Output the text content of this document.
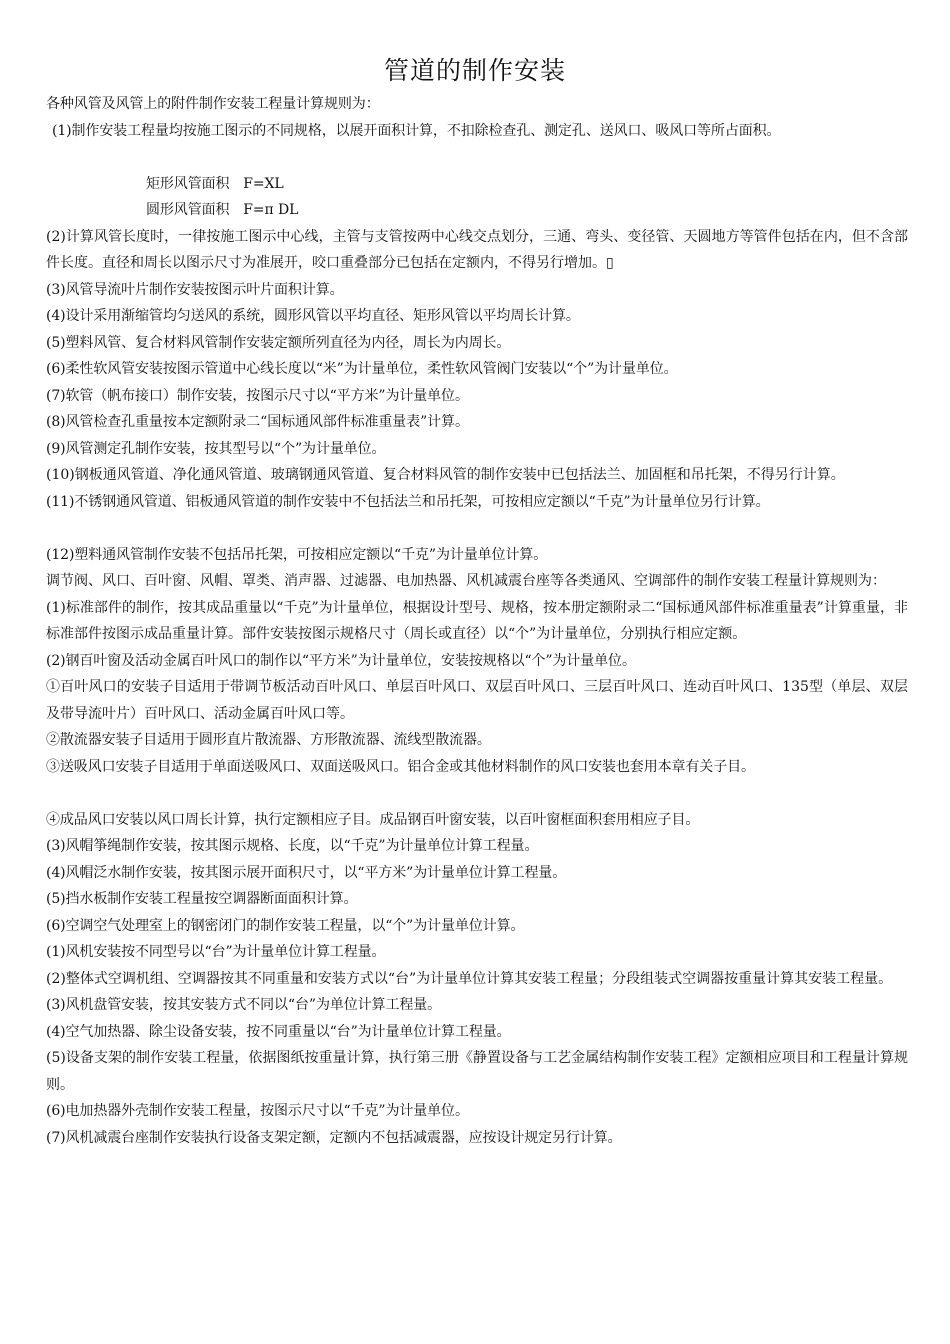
管道的制作安装

各种风管及风管上的附件制作安装工程量计算规则为：

(1)制作安装工程量均按施工图示的不同规格，以展开面积计算，不扣除检查孔、测定孔、送风口、吸风口等所占面积。

矩形风管面积　F=XL

圆形风管面积　F=π DL

(2)计算风管长度时，一律按施工图示中心线，主管与支管按两中心线交点划分，三通、弯头、变径管、天圆地方等管件包括在内，但不含部件长度。直径和周长以图示尺寸为准展开，咬口重叠部分已包括在定额内，不得另行增加。▯

(3)风管导流叶片制作安装按图示叶片面积计算。

(4)设计采用渐缩管均匀送风的系统，圆形风管以平均直径、矩形风管以平均周长计算。

(5)塑料风管、复合材料风管制作安装定额所列直径为内径，周长为内周长。

(6)柔性软风管安装按图示管道中心线长度以“米”为计量单位，柔性软风管阀门安装以“个”为计量单位。

(7)软管（帆布接口）制作安装，按图示尺寸以“平方米”为计量单位。

(8)风管检查孔重量按本定额附录二“国标通风部件标准重量表”计算。

(9)风管测定孔制作安装，按其型号以“个”为计量单位。

(10)钢板通风管道、净化通风管道、玻璃钢通风管道、复合材料风管的制作安装中已包括法兰、加固框和吊托架，不得另行计算。

(11)不锈钢通风管道、铝板通风管道的制作安装中不包括法兰和吊托架，可按相应定额以“千克”为计量单位另行计算。

(12)塑料通风管制作安装不包括吊托架，可按相应定额以“千克”为计量单位计算。

调节阀、风口、百叶窗、风帽、罩类、消声器、过滤器、电加热器、风机减震台座等各类通风、空调部件的制作安装工程量计算规则为：

(1)标准部件的制作，按其成品重量以“千克”为计量单位，根据设计型号、规格，按本册定额附录二“国标通风部件标准重量表”计算重量，非标准部件按图示成品重量计算。部件安装按图示规格尺寸（周长或直径）以“个”为计量单位，分别执行相应定额。

(2)钢百叶窗及活动金属百叶风口的制作以“平方米”为计量单位，安装按规格以“个”为计量单位。

①百叶风口的安装子目适用于带调节板活动百叶风口、单层百叶风口、双层百叶风口、三层百叶风口、连动百叶风口、135型（单层、双层及带导流叶片）百叶风口、活动金属百叶风口等。

②散流器安装子目适用于圆形直片散流器、方形散流器、流线型散流器。

③送吸风口安装子目适用于单面送吸风口、双面送吸风口。铝合金或其他材料制作的风口安装也套用本章有关子目。

④成品风口安装以风口周长计算，执行定额相应子目。成品钢百叶窗安装，以百叶窗框面积套用相应子目。

(3)风帽筝绳制作安装，按其图示规格、长度，以“千克”为计量单位计算工程量。

(4)风帽泛水制作安装，按其图示展开面积尺寸，以“平方米”为计量单位计算工程量。

(5)挡水板制作安装工程量按空调器断面面积计算。

(6)空调空气处理室上的钢密闭门的制作安装工程量，以“个”为计量单位计算。

(1)风机安装按不同型号以“台”为计量单位计算工程量。

(2)整体式空调机组、空调器按其不同重量和安装方式以“台”为计量单位计算其安装工程量；分段组装式空调器按重量计算其安装工程量。

(3)风机盘管安装，按其安装方式不同以“台”为单位计算工程量。

(4)空气加热器、除尘设备安装，按不同重量以“台”为计量单位计算工程量。

(5)设备支架的制作安装工程量，依据图纸按重量计算，执行第三册《静置设备与工艺金属结构制作安装工程》定额相应项目和工程量计算规则。

(6)电加热器外壳制作安装工程量，按图示尺寸以“千克”为计量单位。

(7)风机减震台座制作安装执行设备支架定额，定额内不包括减震器，应按设计规定另行计算。
